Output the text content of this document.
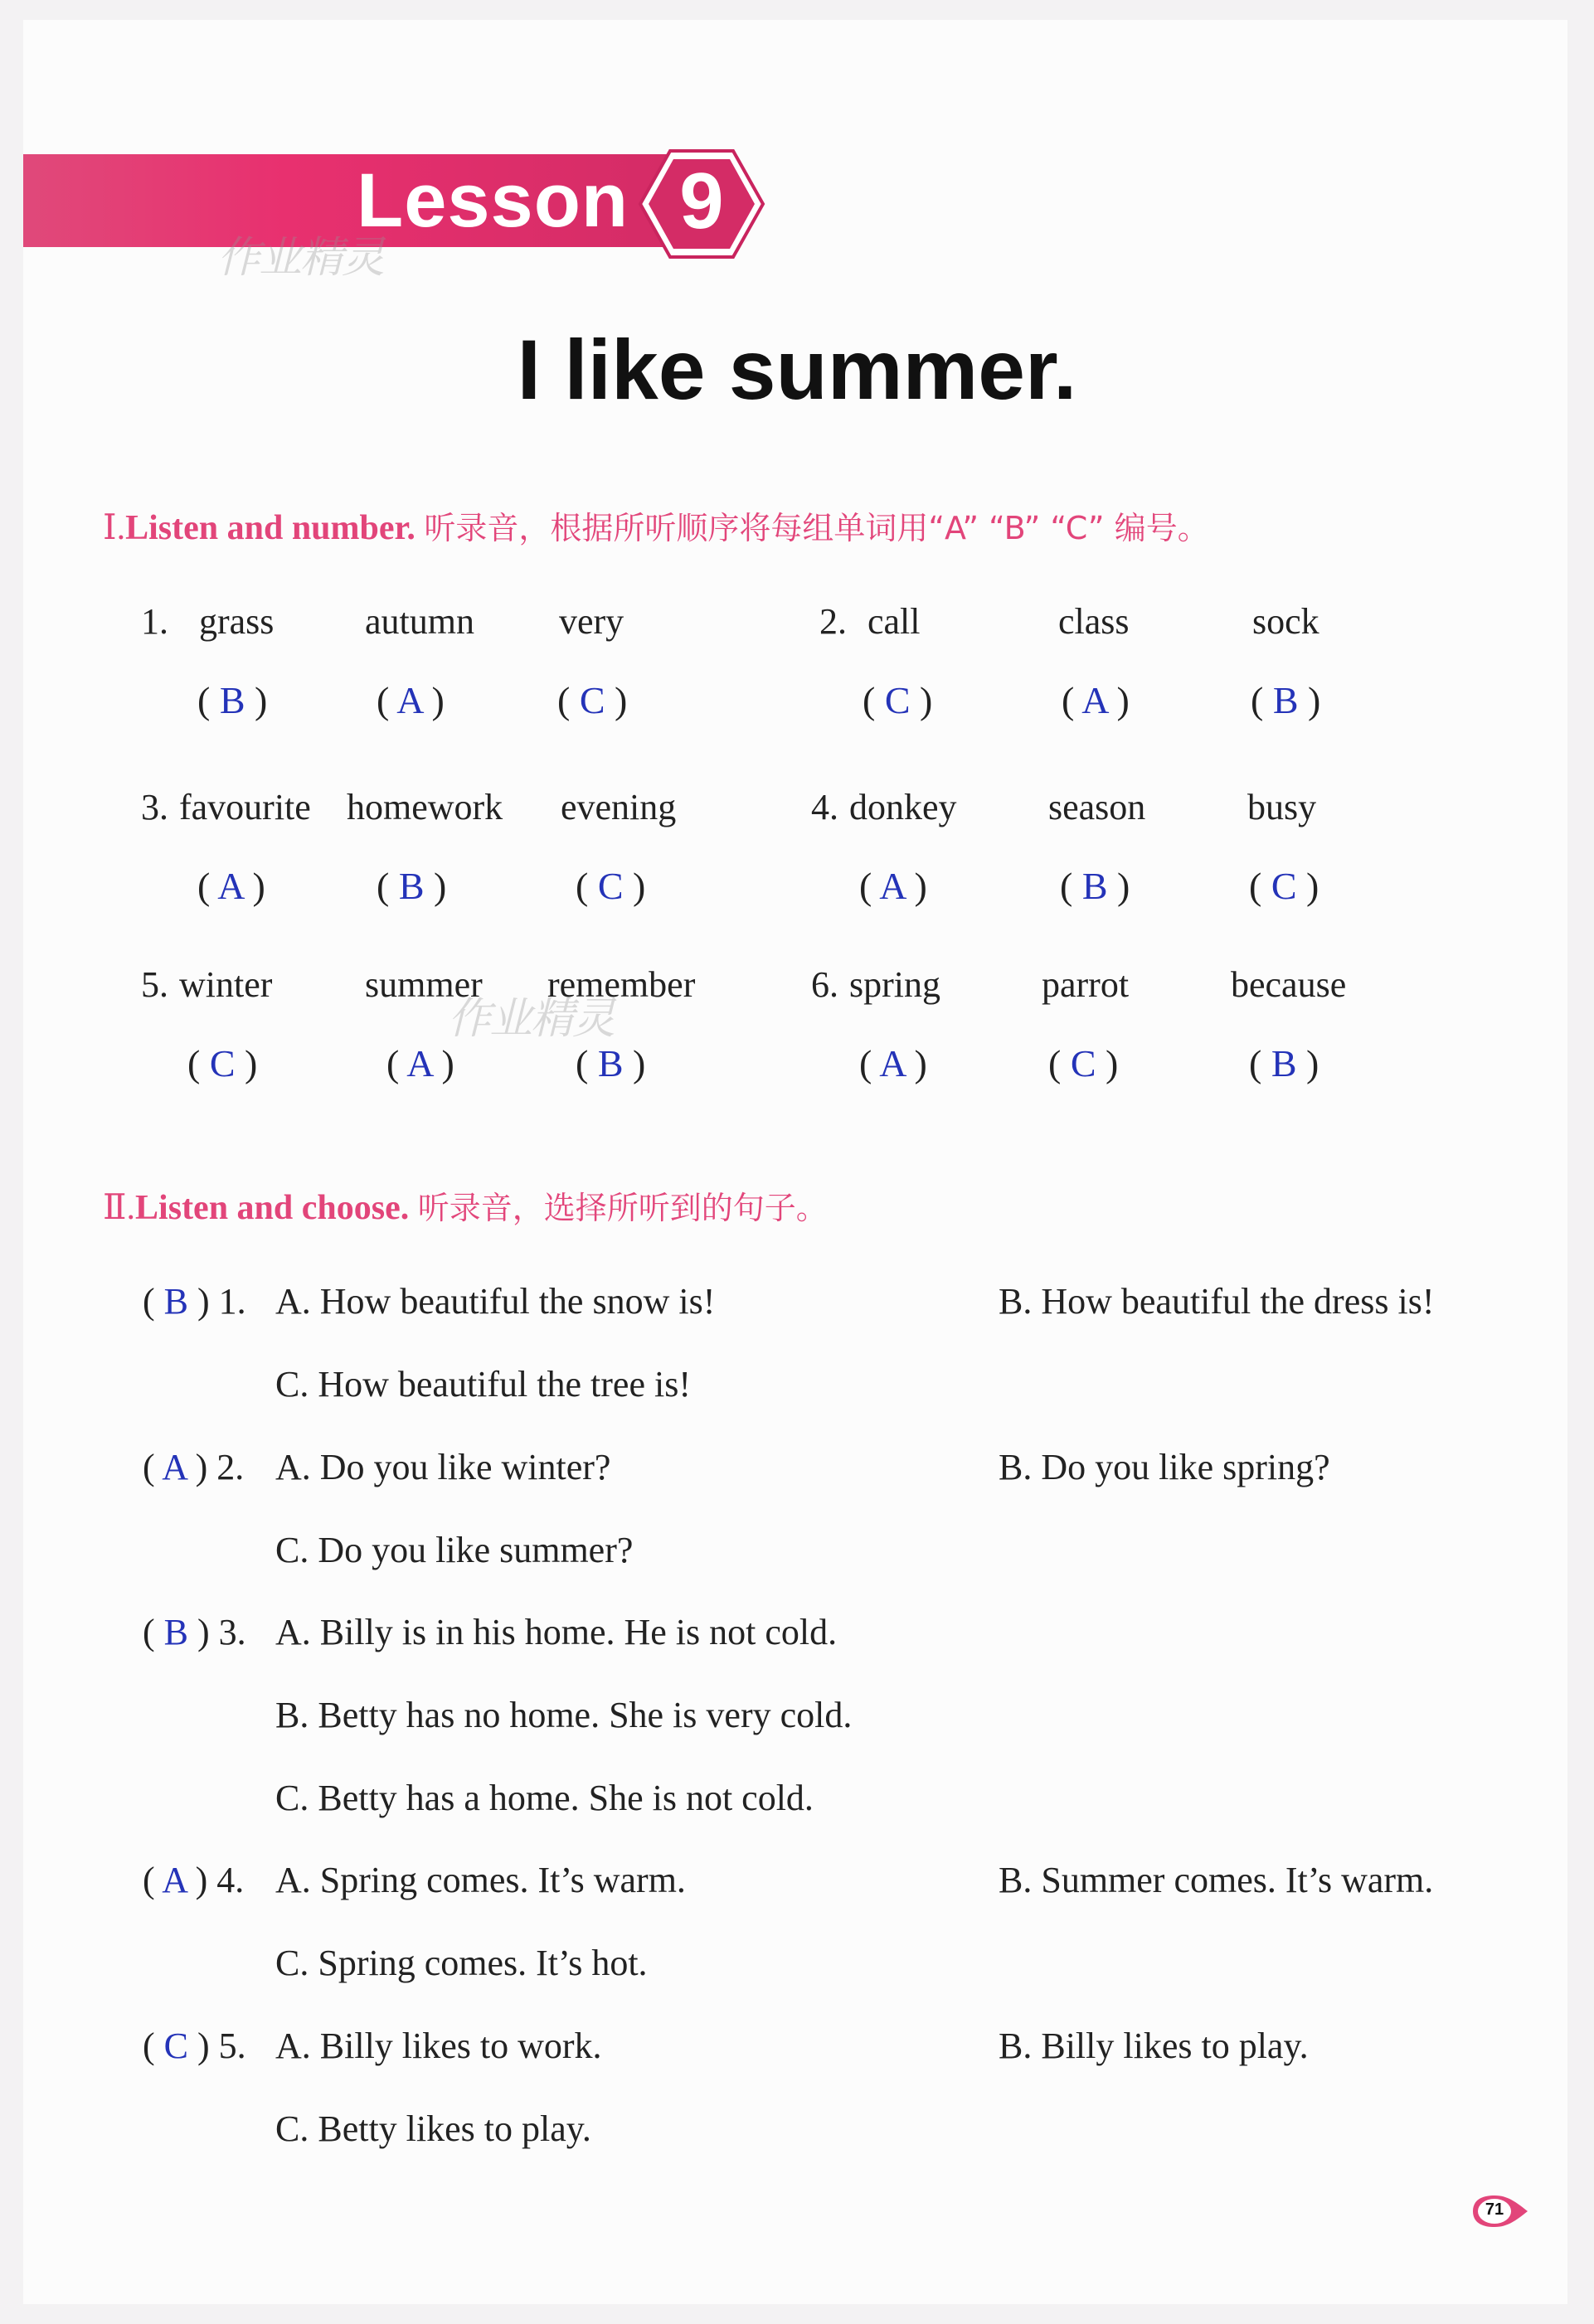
Lesson 9
作业精灵
I like summer.
Ⅰ.Listen and number. 听录音，根据所听顺序将每组单词用“A” “B” “C” 编号。
1. grass autumn very
( B )	( A )	( C )
2. call	class	sock
( C )	( A )	( B )
3. favourite homework evening
( A )	( B )	( C )
4. donkey	season	busy
( A )	( B )	( C )
5. winter	summer remember
( C )	( A )	( B )
作业精灵
6. spring	parrot	because
( A )	( C )	( B )
Ⅱ.Listen and choose. 听录音，选择所听到的句子。
( B ) 1. A. How beautiful the snow is!	B. How beautiful the dress is!
C. How beautiful the tree is!
( A ) 2. A. Do you like winter?	B. Do you like spring?
C. Do you like summer?
( B ) 3. A. Billy is in his home. He is not cold.
B. Betty has no home. She is very cold.
C. Betty has a home. She is not cold.
( A ) 4. A. Spring comes. It’s warm.	B. Summer comes. It’s warm.
C. Spring comes. It’s hot.
( C ) 5. A. Billy likes to work.	B. Billy likes to play.
C. Betty likes to play.
71
